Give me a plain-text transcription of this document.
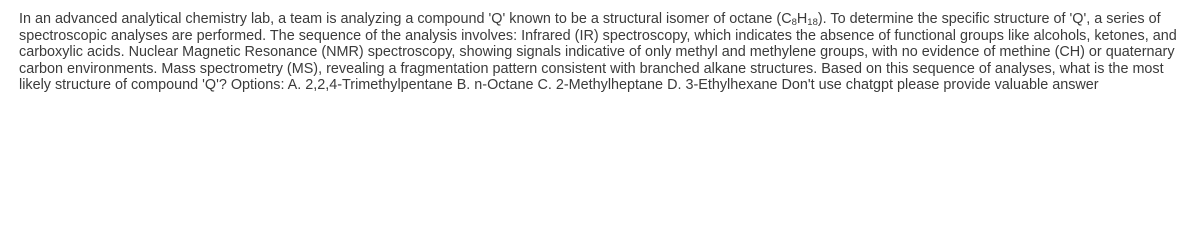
In an advanced analytical chemistry lab, a team is analyzing a compound 'Q' known to be a structural isomer of octane $(C_8H_{18})$. To determine the specific structure of 'Q', a series of spectroscopic analyses are performed. The sequence of the analysis involves: Infrared (IR) spectroscopy, which indicates the absence of functional groups like alcohols, ketones, and carboxylic acids. Nuclear Magnetic Resonance (NMR) spectroscopy, showing signals indicative of only methyl and methylene groups, with no evidence of methine (CH) or quaternary carbon environments. Mass spectrometry (MS), revealing a fragmentation pattern consistent with branched alkane structures. Based on this sequence of analyses, what is the most likely structure of compound 'Q'? Options: A. 2,2,4-Trimethylpentane B. n-Octane C. 2-Methylheptane D. 3-Ethylhexane Don't use chatgpt please provide valuable answer
